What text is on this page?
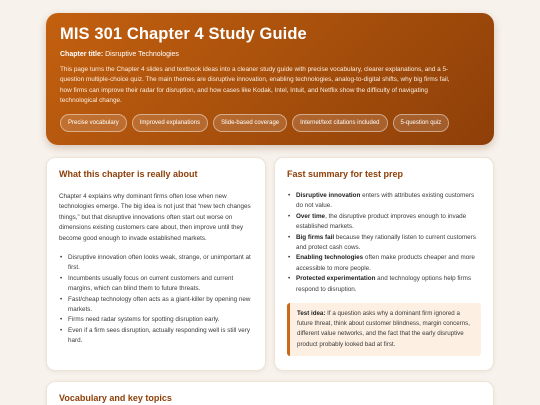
MIS 301 Chapter 4 Study Guide
Chapter title: Disruptive Technologies

This page turns the Chapter 4 slides and textbook ideas into a cleaner study guide with precise vocabulary, clearer explanations, and a 5-question multiple-choice quiz. The main themes are disruptive innovation, enabling technologies, analog-to-digital shifts, why big firms fail, how firms can improve their radar for disruption, and how cases like Kodak, Intel, Intuit, and Netflix show the difficulty of navigating technological change.

Precise vocabulary	Improved explanations	Slide-based coverage	Internet/text citations included	5-question quiz
What this chapter is really about

Chapter 4 explains why dominant firms often lose when new technologies emerge. The big idea is not just that “new tech changes things,” but that disruptive innovations often start out worse on dimensions existing customers care about, then improve until they become good enough to invade established markets.

• Disruptive innovation often looks weak, strange, or unimportant at first.
• Incumbents usually focus on current customers and current margins, which can blind them to future threats.
• Fast/cheap technology often acts as a giant-killer by opening new markets.
• Firms need radar systems for spotting disruption early.
• Even if a firm sees disruption, actually responding well is still very hard.
Fast summary for test prep
• Disruptive innovation enters with attributes existing customers do not value.
• Over time, the disruptive product improves enough to invade established markets.
• Big firms fail because they rationally listen to current customers and protect cash cows.
• Enabling technologies often make products cheaper and more accessible to more people.
• Protected experimentation and technology options help firms respond to disruption.
Test idea: If a question asks why a dominant firm ignored a future threat, think about customer blindness, margin concerns, different value networks, and the fact that the early disruptive product probably looked bad at first.
Vocabulary and key topics
